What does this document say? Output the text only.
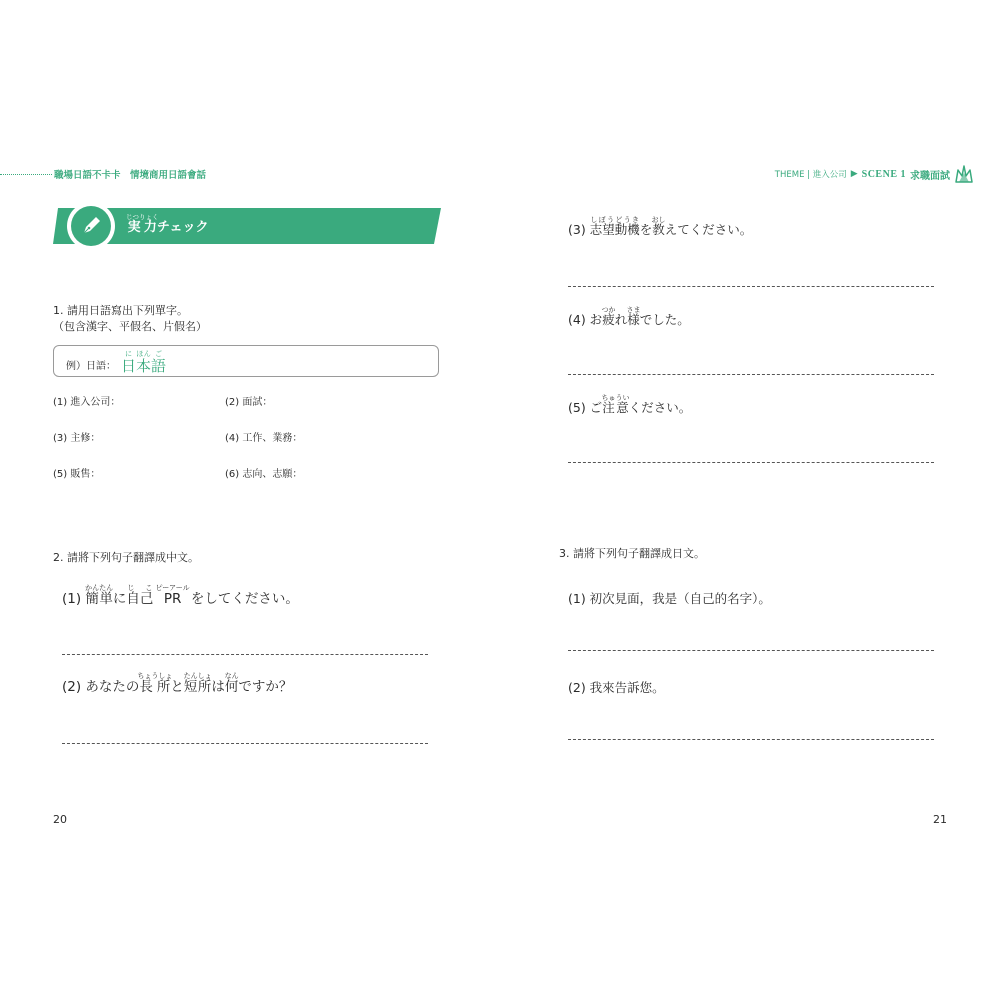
職場日語不卡卡　情境商用日語會話	THEME | 進入公司 ▶ SCENE 1 求職面試
実力じつりょくチェック
1. 請用日語寫出下列單字。
（包含漢字、平假名、片假名）
例）日語： 日に本ほん語ご
(1) 進入公司：	(2) 面試：
(3) 主修：	(4) 工作、業務：
(5) 販售：	(6) 志向、志願：
2. 請將下列句子翻譯成中文。
(1) 簡単かんたんに自己じ　こ PRピーアール をしてください。
(2) あなたの長所ちょうしょと短所たんしょは何なんですか？
(3) 志望動機しぼうどうきを教おしえてください。
(4) お疲つかれ様さまでした。
(5) ご注意ちゅういください。
3. 請將下列句子翻譯成日文。
(1) 初次見面，我是（自己的名字）。
(2) 我來告訴您。
20	21
